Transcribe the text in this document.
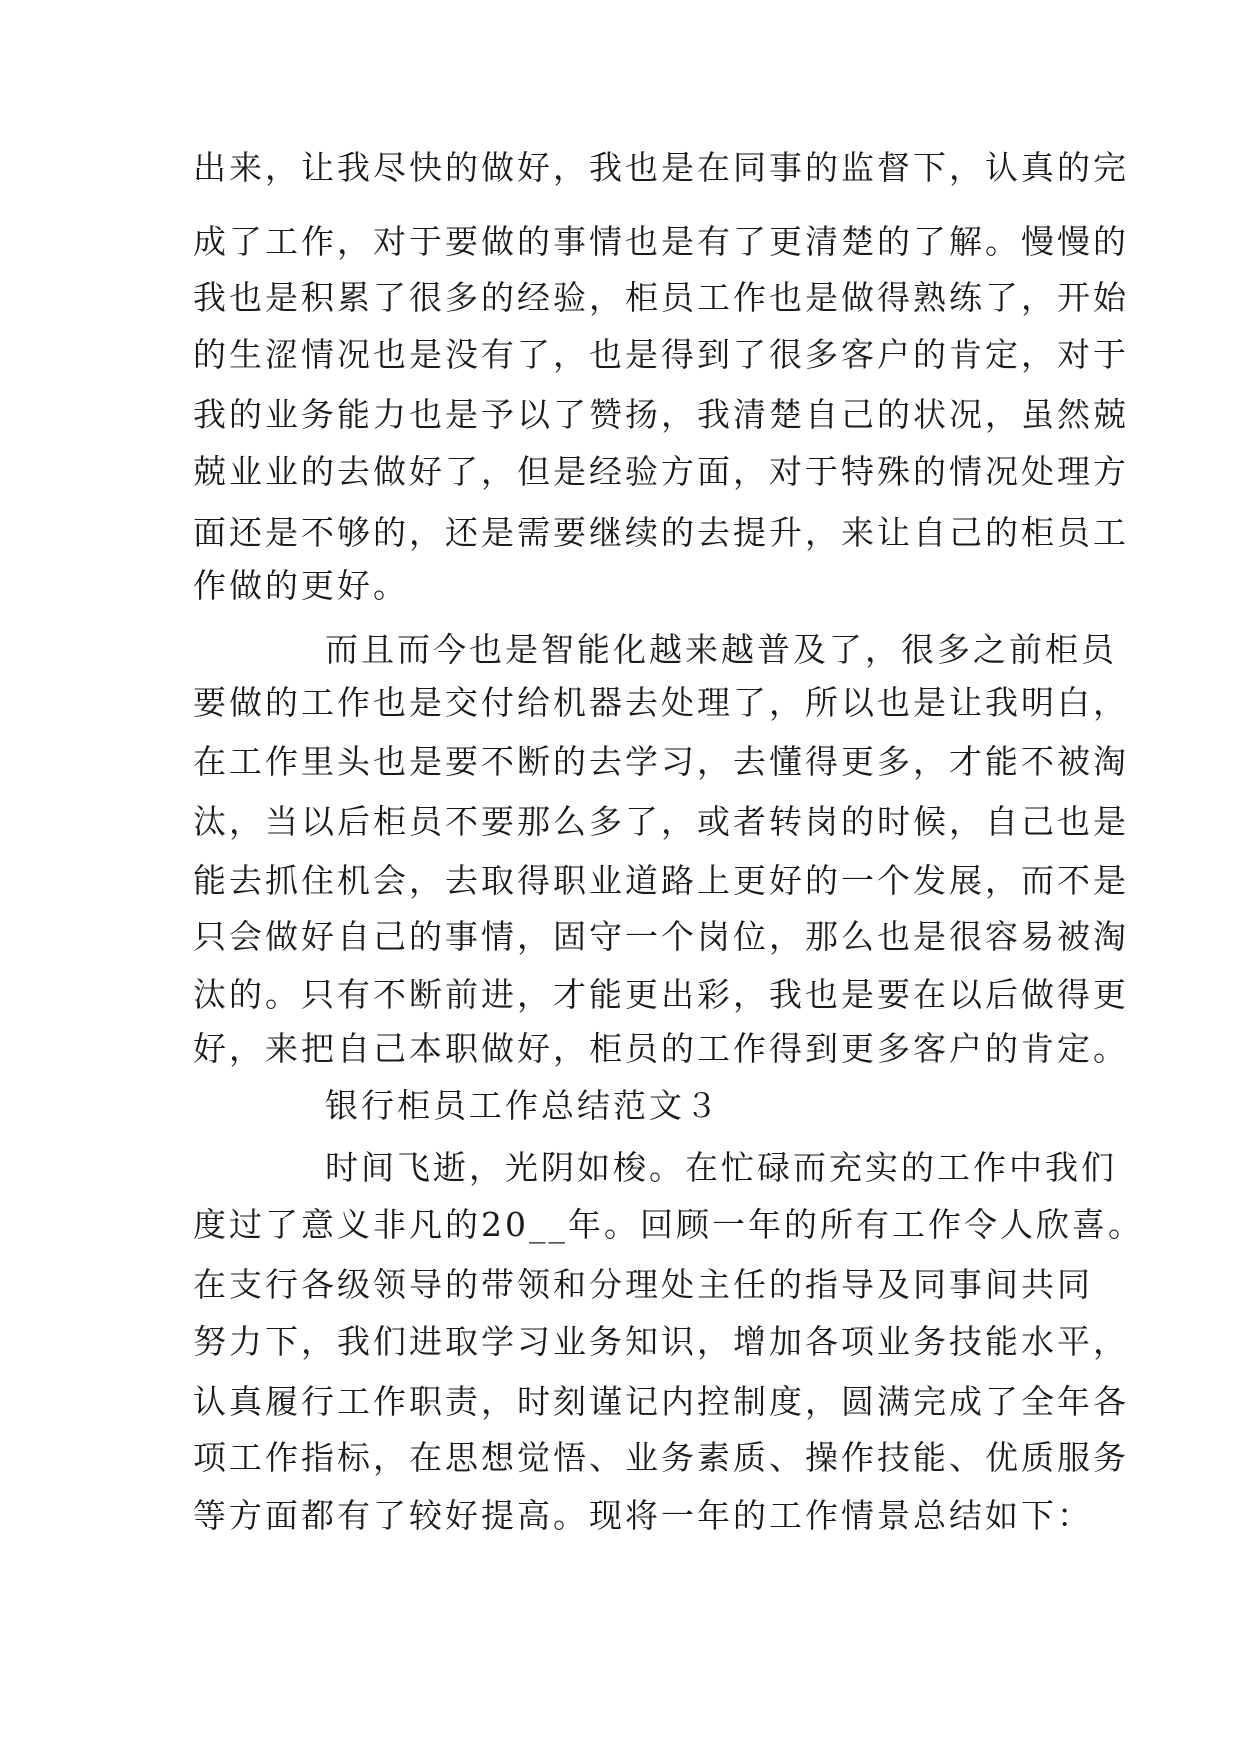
出来，让我尽快的做好，我也是在同事的监督下，认真的完
成了工作，对于要做的事情也是有了更清楚的了解。慢慢的
我也是积累了很多的经验，柜员工作也是做得熟练了，开始
的生涩情况也是没有了，也是得到了很多客户的肯定，对于
我的业务能力也是予以了赞扬，我清楚自己的状况，虽然兢
兢业业的去做好了，但是经验方面，对于特殊的情况处理方
面还是不够的，还是需要继续的去提升，来让自己的柜员工
作做的更好。
而且而今也是智能化越来越普及了，很多之前柜员
要做的工作也是交付给机器去处理了，所以也是让我明白，
在工作里头也是要不断的去学习，去懂得更多，才能不被淘
汰，当以后柜员不要那么多了，或者转岗的时候，自己也是
能去抓住机会，去取得职业道路上更好的一个发展，而不是
只会做好自己的事情，固守一个岗位，那么也是很容易被淘
汰的。只有不断前进，才能更出彩，我也是要在以后做得更
好，来把自己本职做好，柜员的工作得到更多客户的肯定。
银行柜员工作总结范文３
时间飞逝，光阴如梭。在忙碌而充实的工作中我们
度过了意义非凡的20__年。回顾一年的所有工作令人欣喜。
在支行各级领导的带领和分理处主任的指导及同事间共同
努力下，我们进取学习业务知识，增加各项业务技能水平，
认真履行工作职责，时刻谨记内控制度，圆满完成了全年各
项工作指标，在思想觉悟、业务素质、操作技能、优质服务
等方面都有了较好提高。现将一年的工作情景总结如下：
